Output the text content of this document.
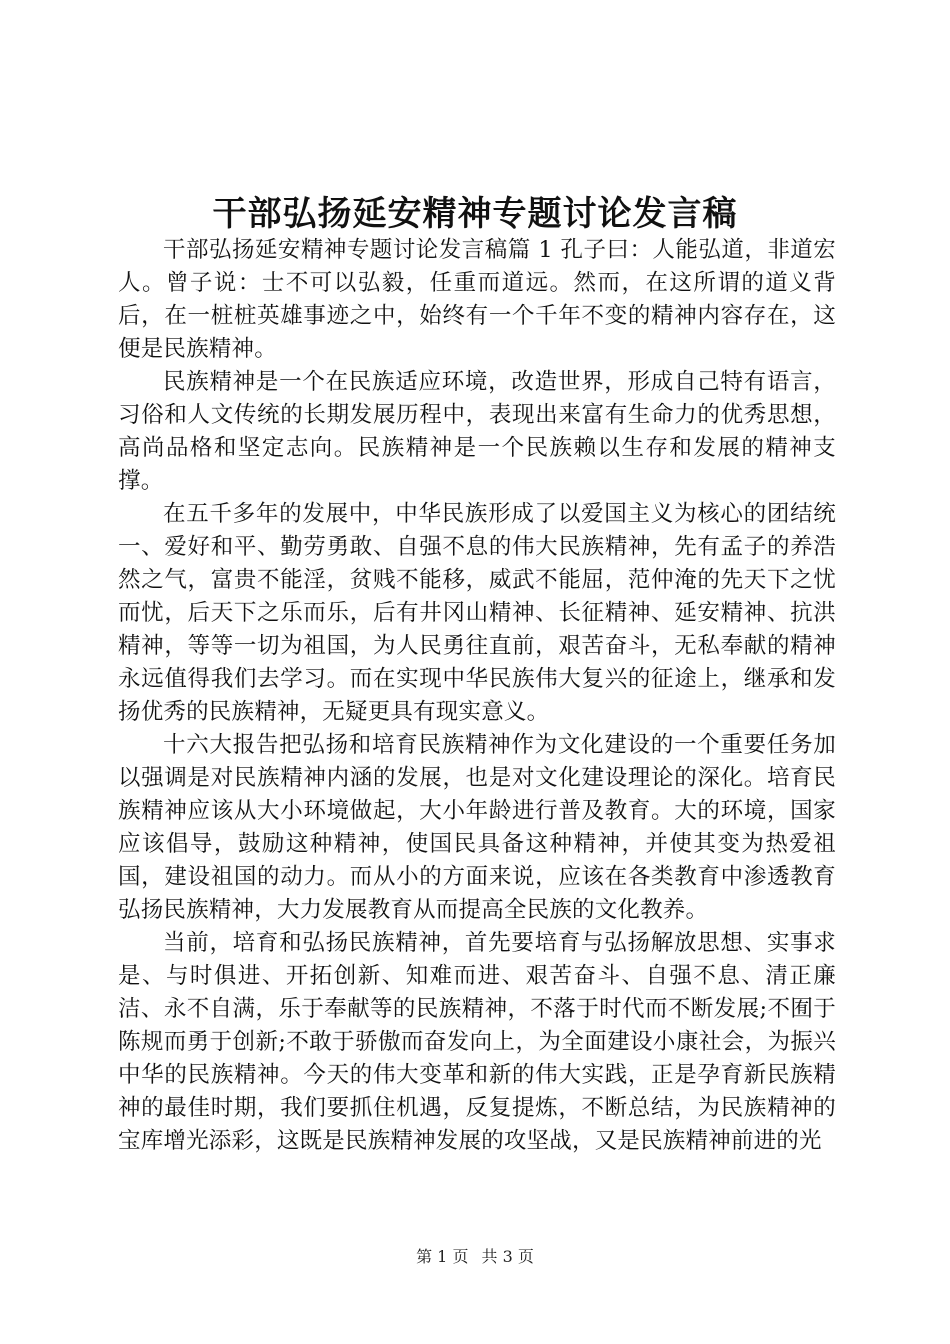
干部弘扬延安精神专题讨论发言稿

干部弘扬延安精神专题讨论发言稿篇 1 孔子曰：人能弘道，非道宏人。曾子说：士不可以弘毅，任重而道远。然而，在这所谓的道义背后，在一桩桩英雄事迹之中，始终有一个千年不变的精神内容存在，这便是民族精神。

民族精神是一个在民族适应环境，改造世界，形成自己特有语言，习俗和人文传统的长期发展历程中，表现出来富有生命力的优秀思想，高尚品格和坚定志向。民族精神是一个民族赖以生存和发展的精神支撑。

在五千多年的发展中，中华民族形成了以爱国主义为核心的团结统一、爱好和平、勤劳勇敢、自强不息的伟大民族精神，先有孟子的养浩然之气，富贵不能淫，贫贱不能移，威武不能屈，范仲淹的先天下之忧而忧，后天下之乐而乐，后有井冈山精神、长征精神、延安精神、抗洪精神，等等一切为祖国，为人民勇往直前，艰苦奋斗，无私奉献的精神永远值得我们去学习。而在实现中华民族伟大复兴的征途上，继承和发扬优秀的民族精神，无疑更具有现实意义。

十六大报告把弘扬和培育民族精神作为文化建设的一个重要任务加以强调是对民族精神内涵的发展，也是对文化建设理论的深化。培育民族精神应该从大小环境做起，大小年龄进行普及教育。大的环境，国家应该倡导，鼓励这种精神，使国民具备这种精神，并使其变为热爱祖国，建设祖国的动力。而从小的方面来说，应该在各类教育中渗透教育弘扬民族精神，大力发展教育从而提高全民族的文化教养。

当前，培育和弘扬民族精神，首先要培育与弘扬解放思想、实事求是、与时俱进、开拓创新、知难而进、艰苦奋斗、自强不息、清正廉洁、永不自满，乐于奉献等的民族精神，不落于时代而不断发展;不囿于陈规而勇于创新;不敢于骄傲而奋发向上，为全面建设小康社会，为振兴中华的民族精神。今天的伟大变革和新的伟大实践，正是孕育新民族精神的最佳时期，我们要抓住机遇，反复提炼，不断总结，为民族精神的宝库增光添彩，这既是民族精神发展的攻坚战，又是民族精神前进的光

第 1 页 共 3 页
